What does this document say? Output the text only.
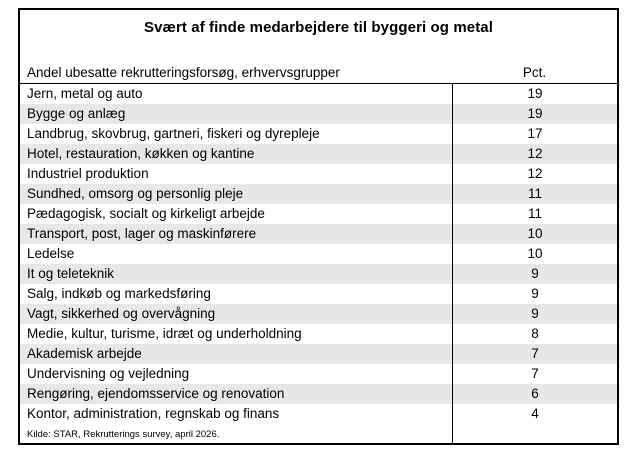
Svært af finde medarbejdere til byggeri og metal
Andel ubesatte rekrutteringsforsøg, erhvervsgrupper	Pct.
Jern, metal og auto	19
Bygge og anlæg	19
Landbrug, skovbrug, gartneri, fiskeri og dyrepleje	17
Hotel, restauration, køkken og kantine	12
Industriel produktion	12
Sundhed, omsorg og personlig pleje	11
Pædagogisk, socialt og kirkeligt arbejde	11
Transport, post, lager og maskinførere	10
Ledelse	10
It og teleteknik	9
Salg, indkøb og markedsføring	9
Vagt, sikkerhed og overvågning	9
Medie, kultur, turisme, idræt og underholdning	8
Akademisk arbejde	7
Undervisning og vejledning	7
Rengøring, ejendomsservice og renovation	6
Kontor, administration, regnskab og finans	4
Kilde: STAR, Rekrutterings survey, april 2026.
